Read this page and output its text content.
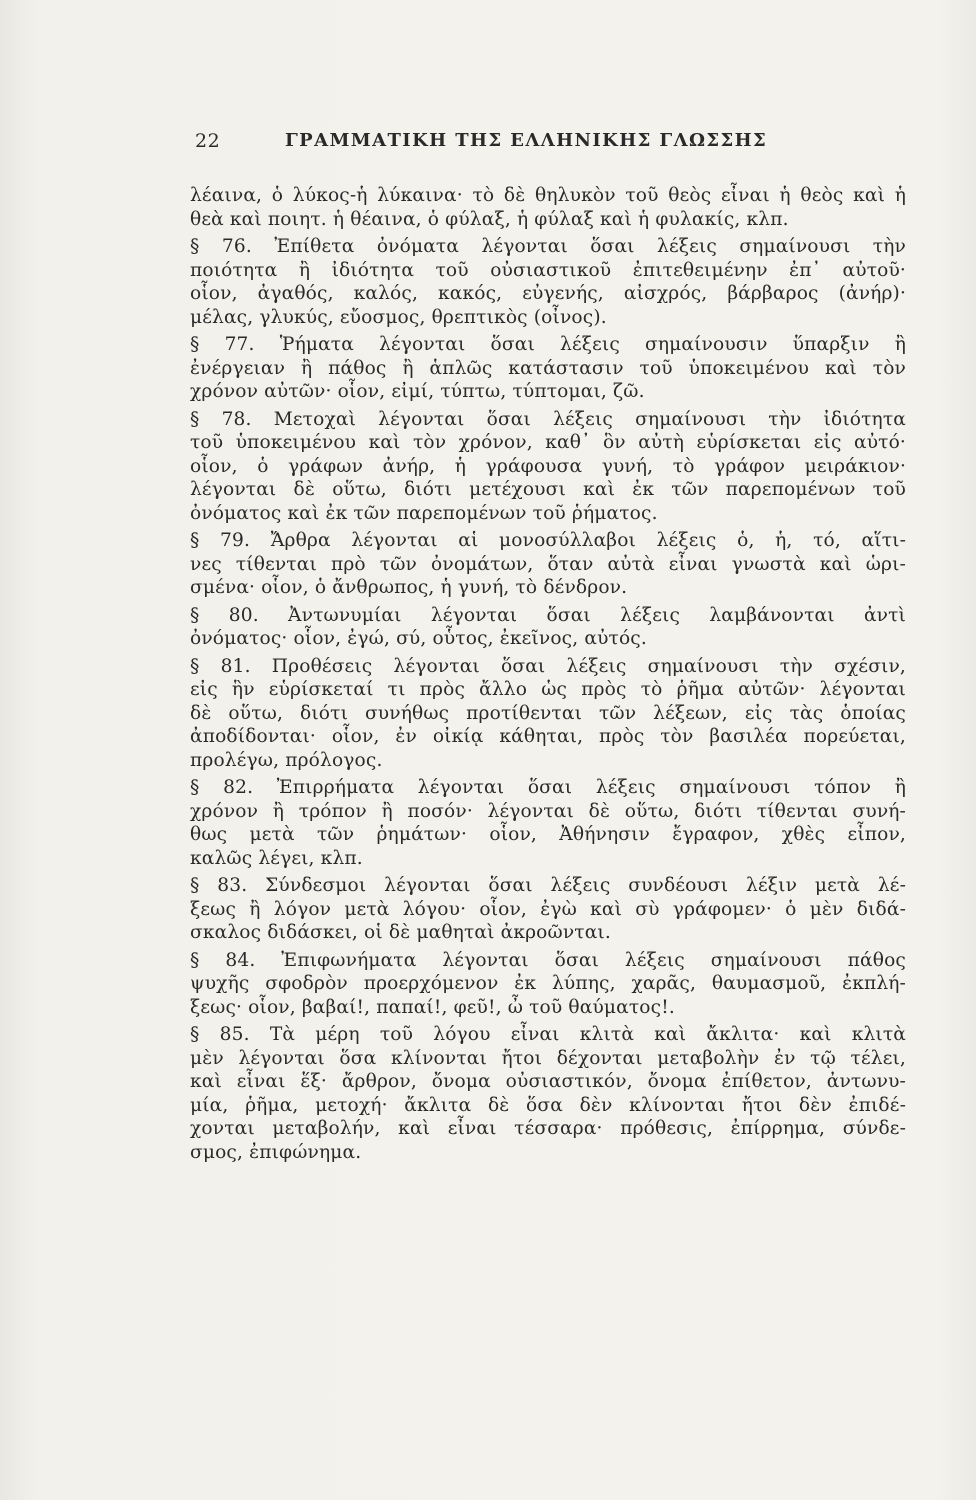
22	ΓΡΑΜΜΑΤΙΚΗ ΤΗΣ ΕΛΛΗΝΙΚΗΣ ΓΛΩΣΣΗΣ
λέαινα, ὁ λύκος-ἡ λύκαινα· τὸ δὲ θηλυκὸν τοῦ θεὸς εἶναι ἡ θεὸς καὶ ἡ
θεὰ καὶ ποιητ. ἡ θέαινα, ὁ φύλαξ, ἡ φύλαξ καὶ ἡ φυλακίς, κλπ.
§ 76. Ἐπίθετα ὀνόματα λέγονται ὅσαι λέξεις σημαίνουσι τὴν
ποιότητα ἢ ἰδιότητα τοῦ οὐσιαστικοῦ ἐπιτεθειμένην ἐπ᾽ αὐτοῦ·
οἷον, ἀγαθός, καλός, κακός, εὐγενής, αἰσχρός, βάρβαρος (ἀνήρ)·
μέλας, γλυκύς, εὔοσμος, θρεπτικὸς (οἶνος).
§ 77. Ῥήματα λέγονται ὅσαι λέξεις σημαίνουσιν ὕπαρξιν ἢ
ἐνέργειαν ἢ πάθος ἢ ἁπλῶς κατάστασιν τοῦ ὑποκειμένου καὶ τὸν
χρόνον αὐτῶν· οἷον, εἰμί, τύπτω, τύπτομαι, ζῶ.
§ 78. Μετοχαὶ λέγονται ὅσαι λέξεις σημαίνουσι τὴν ἰδιότητα
τοῦ ὑποκειμένου καὶ τὸν χρόνον, καθ᾽ ὃν αὐτὴ εὑρίσκεται εἰς αὐτό·
οἷον, ὁ γράφων ἀνήρ, ἡ γράφουσα γυνή, τὸ γράφον μειράκιον·
λέγονται δὲ οὕτω, διότι μετέχουσι καὶ ἐκ τῶν παρεπομένων τοῦ
ὀνόματος καὶ ἐκ τῶν παρεπομένων τοῦ ῥήματος.
§ 79. Ἄρθρα λέγονται αἱ μονοσύλλαβοι λέξεις ὁ, ἡ, τό, αἵτι-
νες τίθενται πρὸ τῶν ὀνομάτων, ὅταν αὐτὰ εἶναι γνωστὰ καὶ ὡρι-
σμένα· οἷον, ὁ ἄνθρωπος, ἡ γυνή, τὸ δένδρον.
§ 80. Ἀντωνυμίαι λέγονται ὅσαι λέξεις λαμβάνονται ἀντὶ
ὀνόματος· οἷον, ἐγώ, σύ, οὗτος, ἐκεῖνος, αὐτός.
§ 81. Προθέσεις λέγονται ὅσαι λέξεις σημαίνουσι τὴν σχέσιν,
εἰς ἣν εὑρίσκεταί τι πρὸς ἄλλο ὡς πρὸς τὸ ῥῆμα αὐτῶν· λέγονται
δὲ οὕτω, διότι συνήθως προτίθενται τῶν λέξεων, εἰς τὰς ὁποίας
ἀποδίδονται· οἷον, ἐν οἰκίᾳ κάθηται, πρὸς τὸν βασιλέα πορεύεται,
προλέγω, πρόλογος.
§ 82. Ἐπιρρήματα λέγονται ὅσαι λέξεις σημαίνουσι τόπον ἢ
χρόνον ἢ τρόπον ἢ ποσόν· λέγονται δὲ οὕτω, διότι τίθενται συνή-
θως μετὰ τῶν ῥημάτων· οἷον, Ἀθήνησιν ἔγραφον, χθὲς εἶπον,
καλῶς λέγει, κλπ.
§ 83. Σύνδεσμοι λέγονται ὅσαι λέξεις συνδέουσι λέξιν μετὰ λέ-
ξεως ἢ λόγον μετὰ λόγου· οἷον, ἐγὼ καὶ σὺ γράφομεν· ὁ μὲν διδά-
σκαλος διδάσκει, οἱ δὲ μαθηταὶ ἀκροῶνται.
§ 84. Ἐπιφωνήματα λέγονται ὅσαι λέξεις σημαίνουσι πάθος
ψυχῆς σφοδρὸν προερχόμενον ἐκ λύπης, χαρᾶς, θαυμασμοῦ, ἐκπλή-
ξεως· οἷον, βαβαί!, παπαί!, φεῦ!, ὦ τοῦ θαύματος!.
§ 85. Τὰ μέρη τοῦ λόγου εἶναι κλιτὰ καὶ ἄκλιτα· καὶ κλιτὰ
μὲν λέγονται ὅσα κλίνονται ἤτοι δέχονται μεταβολὴν ἐν τῷ τέλει,
καὶ εἶναι ἕξ· ἄρθρον, ὄνομα οὐσιαστικόν, ὄνομα ἐπίθετον, ἀντωνυ-
μία, ῥῆμα, μετοχή· ἄκλιτα δὲ ὅσα δὲν κλίνονται ἤτοι δὲν ἐπιδέ-
χονται μεταβολήν, καὶ εἶναι τέσσαρα· πρόθεσις, ἐπίρρημα, σύνδε-
σμος, ἐπιφώνημα.
